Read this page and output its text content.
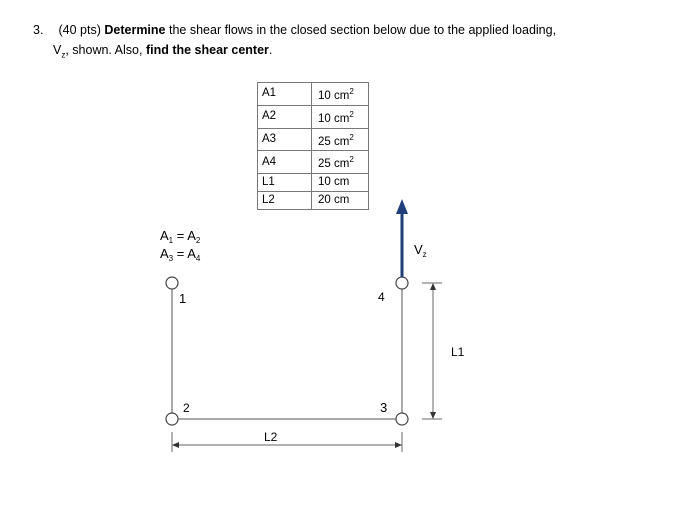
3. (40 pts) Determine the shear flows in the closed section below due to the applied loading,
$V_z$, shown. Also, find the shear center.
A1	10 $cm^2$
A2	10 $cm^2$
A3	25 $cm^2$
A4	25 $cm^2$
L1	10 cm
L2	20 cm
$A_1 = A_2$
$A_3 = A_4$
1
2	3
4
$V_z$
L1
L2
